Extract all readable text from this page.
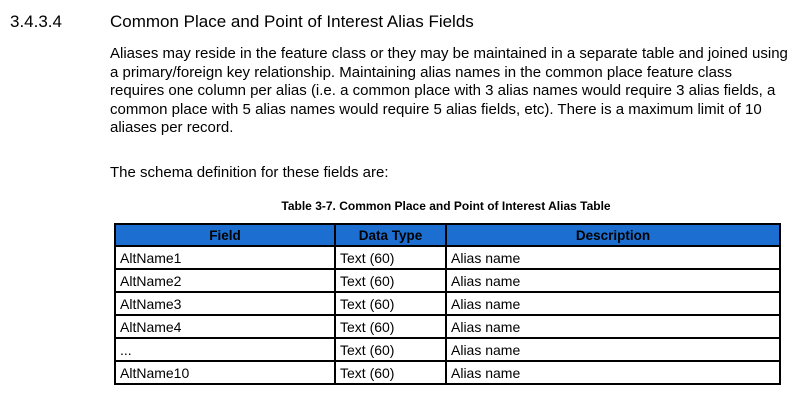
3.4.3.4	Common Place and Point of Interest Alias Fields
Aliases may reside in the feature class or they may be maintained in a separate table and joined using a primary/foreign key relationship. Maintaining alias names in the common place feature class requires one column per alias (i.e. a common place with 3 alias names would require 3 alias fields, a common place with 5 alias names would require 5 alias fields, etc). There is a maximum limit of 10 aliases per record.
The schema definition for these fields are:
Table 3-7. Common Place and Point of Interest Alias Table
Field	Data Type	Description
AltName1	Text (60)	Alias name
AltName2	Text (60)	Alias name
AltName3	Text (60)	Alias name
AltName4	Text (60)	Alias name
...	Text (60)	Alias name
AltName10	Text (60)	Alias name
